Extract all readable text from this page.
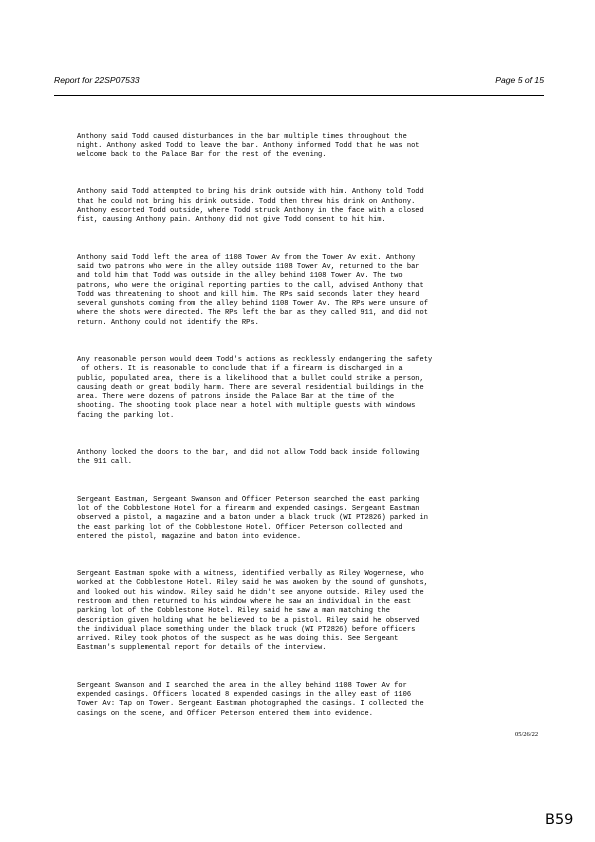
Report for 22SP07533	Page 5 of 15

Anthony said Todd caused disturbances in the bar multiple times throughout the
night. Anthony asked Todd to leave the bar. Anthony informed Todd that he was not
welcome back to the Palace Bar for the rest of the evening.

Anthony said Todd attempted to bring his drink outside with him. Anthony told Todd
that he could not bring his drink outside. Todd then threw his drink on Anthony.
Anthony escorted Todd outside, where Todd struck Anthony in the face with a closed
fist, causing Anthony pain. Anthony did not give Todd consent to hit him.

Anthony said Todd left the area of 1108 Tower Av from the Tower Av exit. Anthony
said two patrons who were in the alley outside 1108 Tower Av, returned to the bar
and told him that Todd was outside in the alley behind 1108 Tower Av. The two
patrons, who were the original reporting parties to the call, advised Anthony that
Todd was threatening to shoot and kill him. The RPs said seconds later they heard
several gunshots coming from the alley behind 1108 Tower Av. The RPs were unsure of
where the shots were directed. The RPs left the bar as they called 911, and did not
return. Anthony could not identify the RPs.

Any reasonable person would deem Todd's actions as recklessly endangering the safety
of others. It is reasonable to conclude that if a firearm is discharged in a
public, populated area, there is a likelihood that a bullet could strike a person,
causing death or great bodily harm. There are several residential buildings in the
area. There were dozens of patrons inside the Palace Bar at the time of the
shooting. The shooting took place near a hotel with multiple guests with windows
facing the parking lot.

Anthony locked the doors to the bar, and did not allow Todd back inside following
the 911 call.

Sergeant Eastman, Sergeant Swanson and Officer Peterson searched the east parking
lot of the Cobblestone Hotel for a firearm and expended casings. Sergeant Eastman
observed a pistol, a magazine and a baton under a black truck (WI PT2826) parked in
the east parking lot of the Cobblestone Hotel. Officer Peterson collected and
entered the pistol, magazine and baton into evidence.

Sergeant Eastman spoke with a witness, identified verbally as Riley Wogernese, who
worked at the Cobblestone Hotel. Riley said he was awoken by the sound of gunshots,
and looked out his window. Riley said he didn't see anyone outside. Riley used the
restroom and then returned to his window where he saw an individual in the east
parking lot of the Cobblestone Hotel. Riley said he saw a man matching the
description given holding what he believed to be a pistol. Riley said he observed
the individual place something under the black truck (WI PT2826) before officers
arrived. Riley took photos of the suspect as he was doing this. See Sergeant
Eastman's supplemental report for details of the interview.

Sergeant Swanson and I searched the area in the alley behind 1108 Tower Av for
expended casings. Officers located 8 expended casings in the alley east of 1106
Tower Av: Tap on Tower. Sergeant Eastman photographed the casings. I collected the
casings on the scene, and Officer Peterson entered them into evidence.

05/26/22
B59
